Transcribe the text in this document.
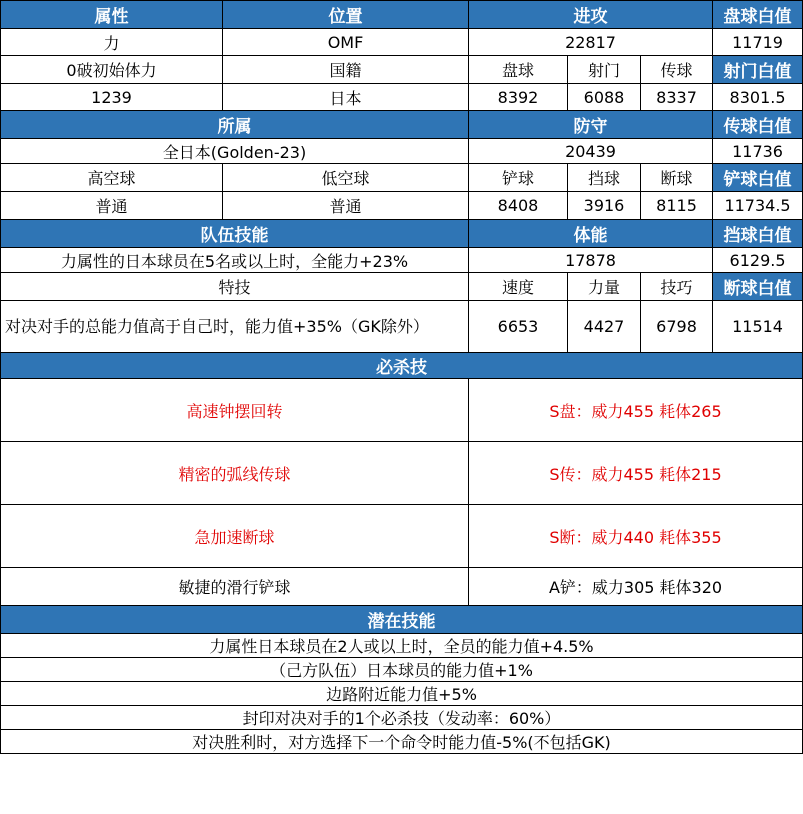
属性	位置	进攻			盘球白值
力	OMF	22817			11719
0破初始体力	国籍	盘球	射门	传球	射门白值
1239	日本	8392	6088	8337	8301.5
所属		防守			传球白值
全日本(Golden-23)		20439			11736
高空球	低空球	铲球	挡球	断球	铲球白值
普通	普通	8408	3916	8115	11734.5
队伍技能		体能			挡球白值
力属性的日本球员在5名或以上时，全能力+23%		17878			6129.5
特技		速度	力量	技巧	断球白值
对决对手的总能力值高于自己时，能力值+35%（GK除外）		6653	4427	6798	11514
必杀技					
高速钟摆回转		S盘：威力455 耗体265			
精密的弧线传球		S传：威力455 耗体215			
急加速断球		S断：威力440 耗体355			
敏捷的滑行铲球		A铲：威力305 耗体320			
潜在技能					
力属性日本球员在2人或以上时，全员的能力值+4.5%					
（己方队伍）日本球员的能力值+1%					
边路附近能力值+5%					
封印对决对手的1个必杀技（发动率：60%）					
对决胜利时，对方选择下一个命令时能力值-5%(不包括GK)					
